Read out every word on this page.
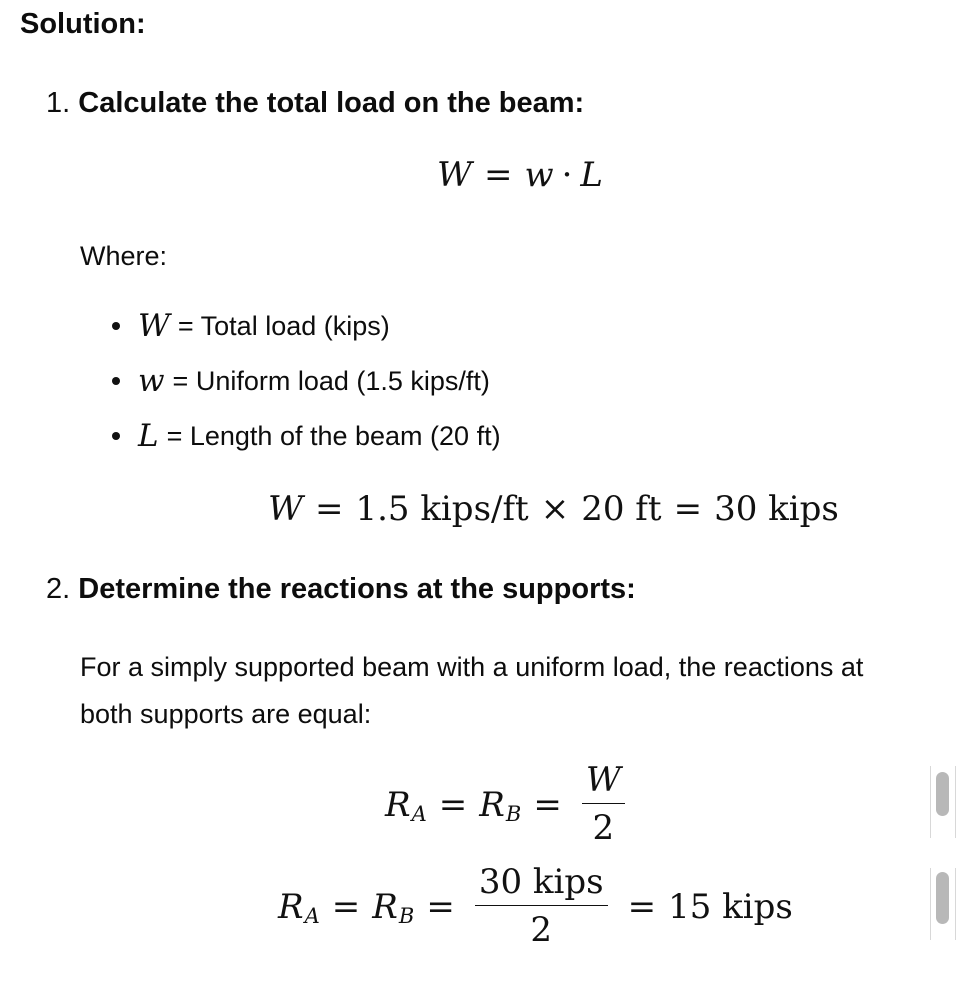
Solution:
1. Calculate the total load on the beam:
W = w · L
Where:
W = Total load (kips)
w = Uniform load (1.5 kips/ft)
L = Length of the beam (20 ft)
W = 1.5 kips/ft × 20 ft = 30 kips
2. Determine the reactions at the supports:
For a simply supported beam with a uniform load, the reactions at
both supports are equal:
R A = R $B = \frac{W}{2}$
R A = R $B = \frac{\text{30 kips}}{2} = 15$ kips
